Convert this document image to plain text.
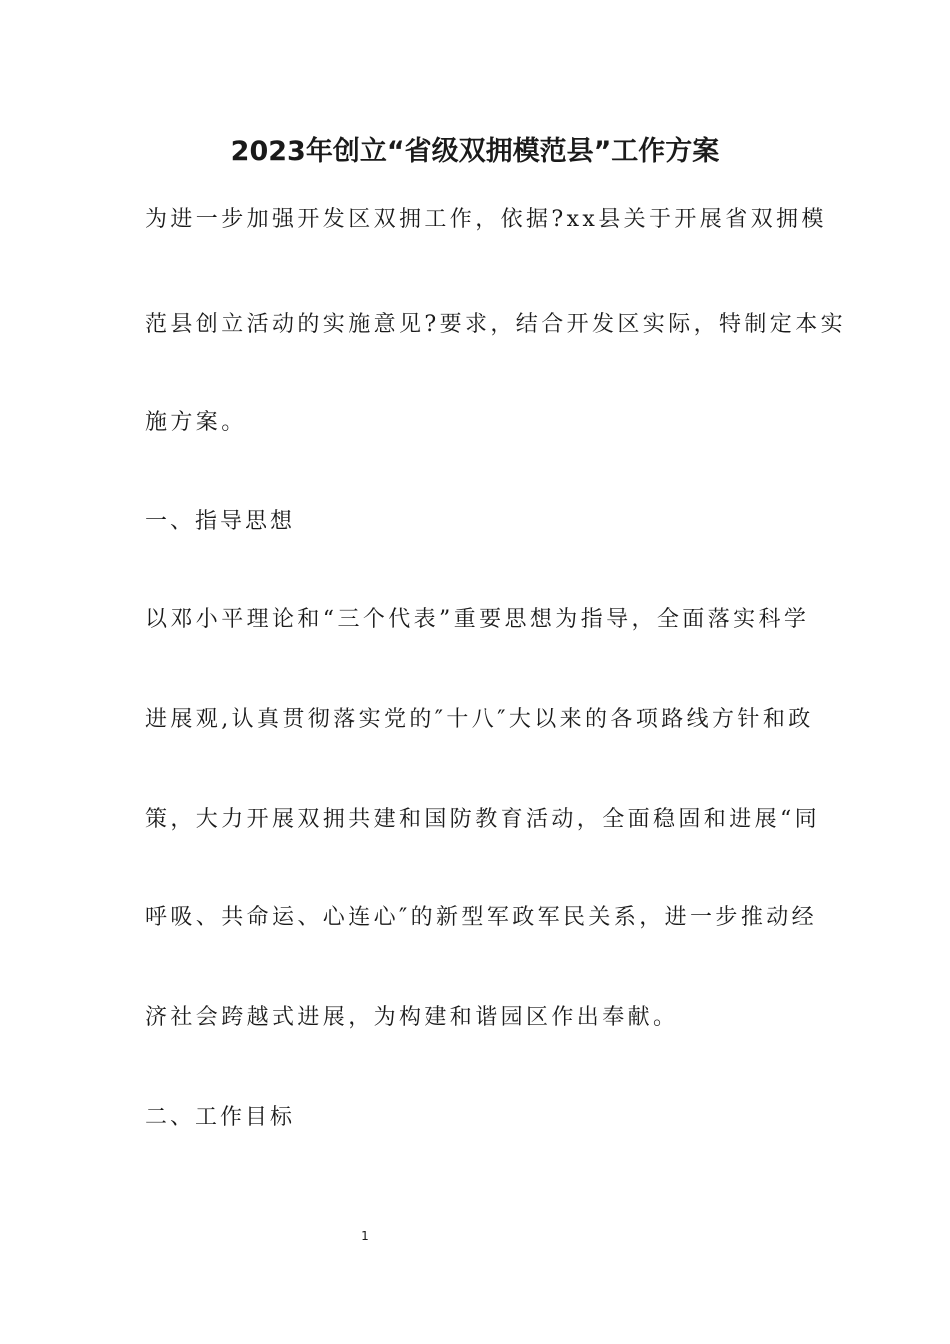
2023年创立“省级双拥模范县”工作方案

为进一步加强开发区双拥工作，依据?xx县关于开展省双拥模

范县创立活动的实施意见?要求，结合开发区实际，特制定本实

施方案。

一、指导思想

以邓小平理论和“三个代表”重要思想为指导，全面落实科学

进展观,认真贯彻落实党的″十八″大以来的各项路线方针和政

策，大力开展双拥共建和国防教育活动，全面稳固和进展“同

呼吸、共命运、心连心″的新型军政军民关系，进一步推动经

济社会跨越式进展，为构建和谐园区作出奉献。

二、工作目标

1
